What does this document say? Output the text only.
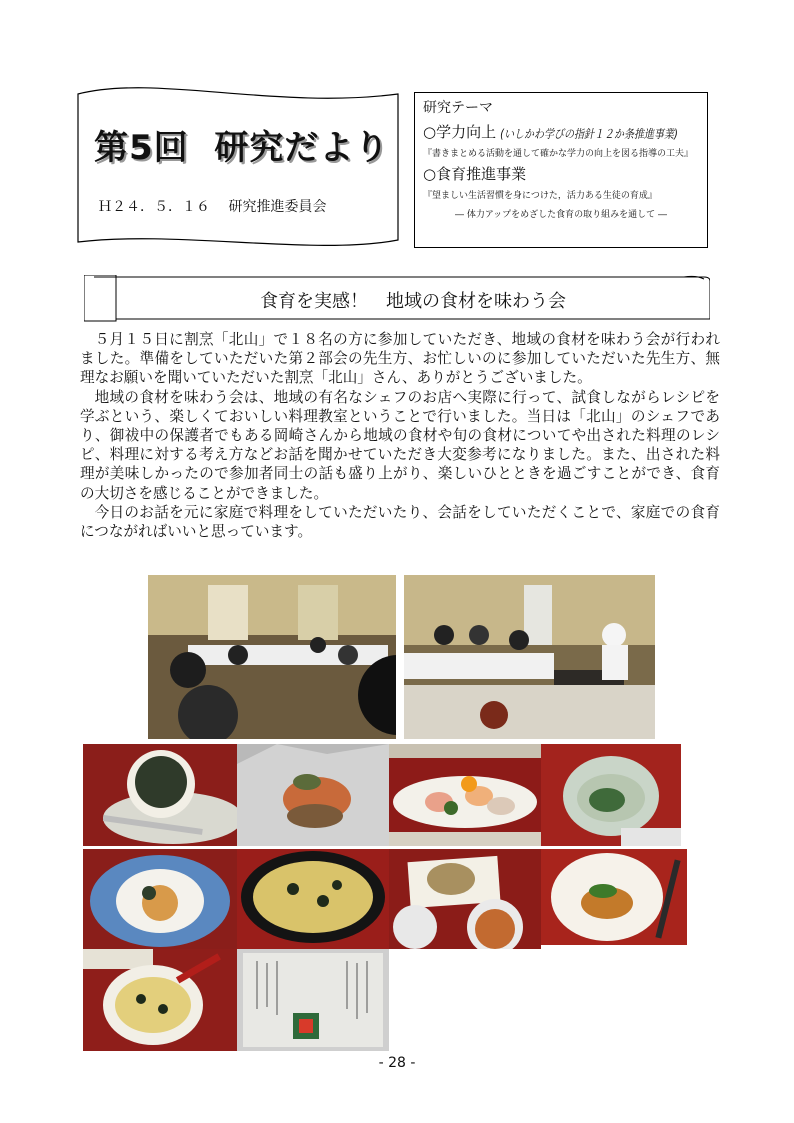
第5回 研究だより
Ｈ２４．５．１６ 研究推進委員会
研究テーマ
○学力向上 (いしかわ学びの指針１２か条推進事業)
『書きまとめる活動を通して確かな学力の向上を図る指導の工夫』
○食育推進事業
『望ましい生活習慣を身につけた，活力ある生徒の育成』
― 体力アップをめざした食育の取り組みを通して ―
食育を実感！　地域の食材を味わう会

５月１５日に割烹「北山」で１８名の方に参加していただき、地域の食材を味わう会が行われました。準備をしていただいた第２部会の先生方、お忙しいのに参加していただいた先生方、無理なお願いを聞いていただいた割烹「北山」さん、ありがとうございました。

地域の食材を味わう会は、地域の有名なシェフのお店へ実際に行って、試食しながらレシピを学ぶという、楽しくておいしい料理教室ということで行いました。当日は「北山」のシェフであり、御祓中の保護者でもある岡崎さんから地域の食材や旬の食材についてや出された料理のレシピ、料理に対する考え方などお話を聞かせていただき大変参考になりました。また、出された料理が美味しかったので参加者同士の話も盛り上がり、楽しいひとときを過ごすことができ、食育の大切さを感じることができました。

今日のお話を元に家庭で料理をしていただいたり、会話をしていただくことで、家庭での食育につながればいいと思っています。

- 28 -
